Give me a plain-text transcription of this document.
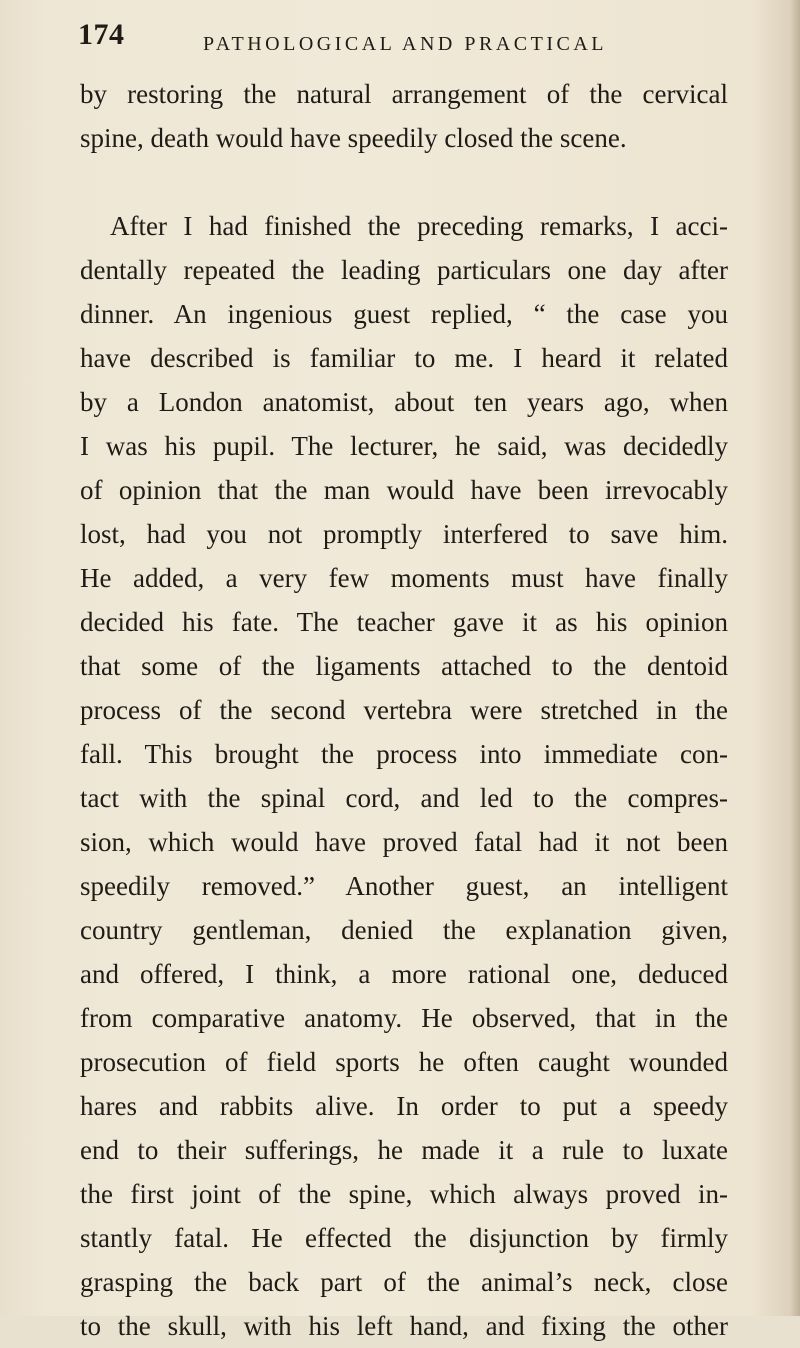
174	PATHOLOGICAL AND PRACTICAL
by restoring the natural arrangement of the cervical
spine, death would have speedily closed the scene.
After I had finished the preceding remarks, I acci-
dentally repeated the leading particulars one day after
dinner. An ingenious guest replied, “ the case you
have described is familiar to me. I heard it related
by a London anatomist, about ten years ago, when
I was his pupil. The lecturer, he said, was decidedly
of opinion that the man would have been irrevocably
lost, had you not promptly interfered to save him.
He added, a very few moments must have finally
decided his fate. The teacher gave it as his opinion
that some of the ligaments attached to the dentoid
process of the second vertebra were stretched in the
fall. This brought the process into immediate con-
tact with the spinal cord, and led to the compres-
sion, which would have proved fatal had it not been
speedily removed.” Another guest, an intelligent
country gentleman, denied the explanation given,
and offered, I think, a more rational one, deduced
from comparative anatomy. He observed, that in the
prosecution of field sports he often caught wounded
hares and rabbits alive. In order to put a speedy
end to their sufferings, he made it a rule to luxate
the first joint of the spine, which always proved in-
stantly fatal. He effected the disjunction by firmly
grasping the back part of the animal’s neck, close
to the skull, with his left hand, and fixing the other
